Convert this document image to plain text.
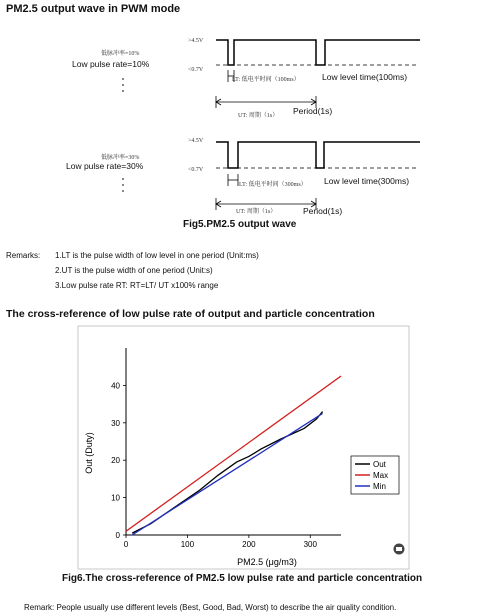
PM2.5 output wave in PWM mode
低脉冲率=10%
Low pulse rate=10%
>4.5V
<0.7V
LT: 低电平时间（100ms）	Low level time(100ms)
UT: 周期（1s） Period(1s)
低脉冲率=30%
Low pulse rate=30%
>4.5V
<0.7V
LT: 低电平时间（300ms） Low level time(300ms)
UT: 周期（1s）	Period(1s)
Fig5.PM2.5 output wave
Remarks: 1.LT is the pulse width of low level in one period (Unit:ms)
2.UT is the pulse width of one period (Unit:s)
3.Low pulse rate RT: RT=LT/ UT x100% range
The cross-reference of low pulse rate of output and particle concentration
0
10
20
30
40
0	100	200	300
Out
Max
Min
PM2.5 (μg/m3)
Out (Duty)
Fig6.The cross-reference of PM2.5 low pulse rate and particle concentration
Remark: People usually use different levels (Best, Good, Bad, Worst) to describe the air quality condition.
